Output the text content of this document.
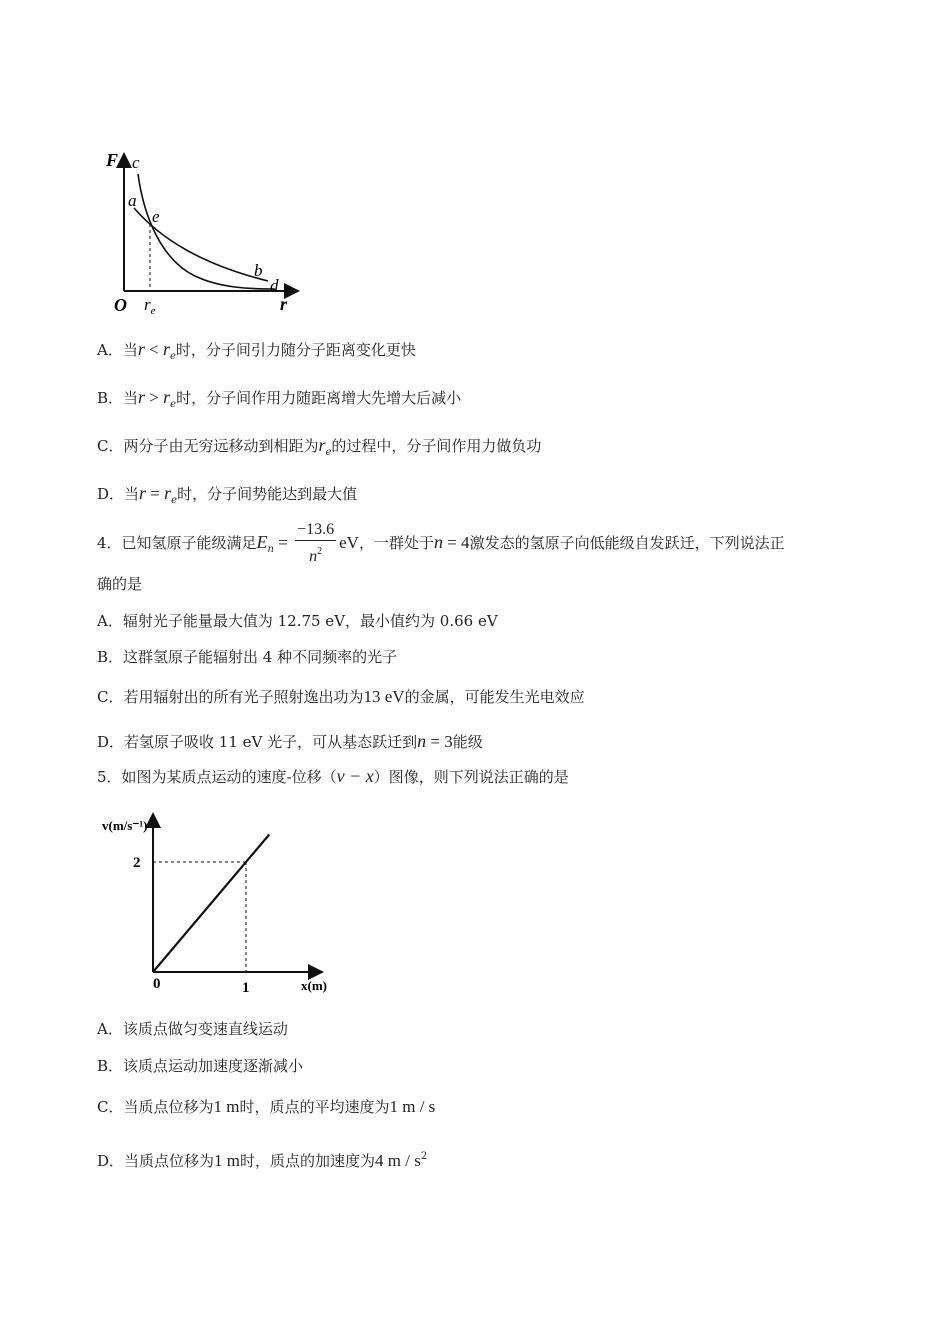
F c
a
e
b
d
O $r_e$	r
A．当$r < r_e$时，分子间引力随分子距离变化更快
B．当$r > r_e$时，分子间作用力随距离增大先增大后减小
C．两分子由无穷远移动到相距为$r_e$的过程中，分子间作用力做负功
D．当$r = r_e$时，分子间势能达到最大值
4．已知氢原子能级满足$E_n = \frac{-13.6}{n^2}$ eV，一群处于n = 4激发态的氢原子向低能级自发跃迁，下列说法正
确的是
A．辐射光子能量最大值为 12.75 eV，最小值约为 0.66 eV
B．这群氢原子能辐射出 4 种不同频率的光子
C．若用辐射出的所有光子照射逸出功为13 eV的金属，可能发生光电效应
D．若氢原子吸收 11 eV 光子，可从基态跃迁到n = 3能级
5．如图为某质点运动的速度-位移（v − x）图像，则下列说法正确的是
2
1
v(m/s⁻¹)
x(m)
0
A．该质点做匀变速直线运动
B．该质点运动加速度逐渐减小
C．当质点位移为1 m时，质点的平均速度为1 m / s
D．当质点位移为1 m时，质点的加速度为4 m / $s^2$
